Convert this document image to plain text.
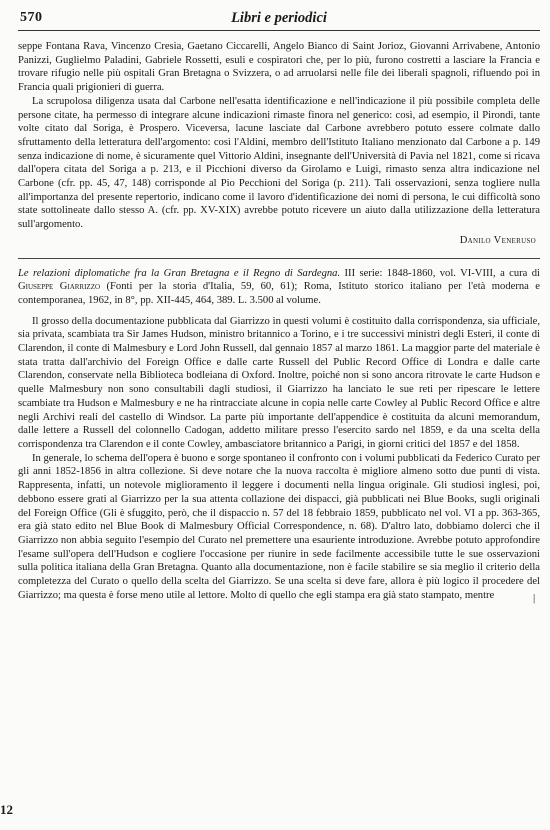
570	Libri e periodici

seppe Fontana Rava, Vincenzo Cresia, Gaetano Ciccarelli, Angelo Bianco di Saint Jorioz, Giovanni Arrivabene, Antonio Panizzi, Guglielmo Paladini, Gabriele Rossetti, esuli e cospiratori che, per lo più, furono costretti a lasciare la Francia e trovare rifugio nelle più ospitali Gran Bretagna o Svizzera, o ad arruolarsi nelle file dei liberali spagnoli, rifluendo poi in Francia quali prigionieri di guerra.

La scrupolosa diligenza usata dal Carbone nell'esatta identificazione e nell'indicazione il più possibile completa delle persone citate, ha permesso di integrare alcune indicazioni rimaste finora nel generico: così, ad esempio, il Pirondi, tante volte citato dal Soriga, è Prospero. Viceversa, lacune lasciate dal Carbone avrebbero potuto essere colmate dallo sfruttamento della letteratura dell'argomento: così l'Aldini, membro dell'Istituto Italiano menzionato dal Carbone a p. 149 senza indicazione di nome, è sicuramente quel Vittorio Aldini, insegnante dell'Università di Pavia nel 1821, come si ricava dall'opera citata del Soriga a p. 213, e il Picchioni diverso da Girolamo e Luigi, rimasto senza altra indicazione nel Carbone (cfr. pp. 45, 47, 148) corrisponde al Pio Pecchioni del Soriga (p. 211). Tali osservazioni, senza togliere nulla all'importanza del presente repertorio, indicano come il lavoro d'identificazione dei nomi di persona, le cui difficoltà sono state sottolineate dallo stesso A. (cfr. pp. XV-XIX) avrebbe potuto ricevere un aiuto dalla utilizzazione della letteratura sull'argomento.

Danilo Veneruso
Le relazioni diplomatiche fra la Gran Bretagna e il Regno di Sardegna. III serie: 1848-1860, vol. VI-VIII, a cura di Giuseppe Giarrizzo (Fonti per la storia d'Italia, 59, 60, 61); Roma, Istituto storico italiano per l'età moderna e contemporanea, 1962, in 8°, pp. XII-445, 464, 389. L. 3.500 al volume.

Il grosso della documentazione pubblicata dal Giarrizzo in questi volumi è costituito dalla corrispondenza, sia ufficiale, sia privata, scambiata tra Sir James Hudson, ministro britannico a Torino, e i tre successivi ministri degli Esteri, il conte di Clarendon, il conte di Malmesbury e Lord John Russell, dal gennaio 1857 al marzo 1861. La maggior parte del materiale è stata tratta dall'archivio del Foreign Office e dalle carte Russell del Public Record Office di Londra e dalle carte Clarendon, conservate nella Biblioteca bodleiana di Oxford. Inoltre, poiché non si sono ancora ritrovate le carte Hudson e quelle Malmesbury non sono consultabili dagli studiosi, il Giarrizzo ha lanciato le sue reti per ripescare le lettere scambiate tra Hudson e Malmesbury e ne ha rintracciate alcune in copia nelle carte Cowley al Public Record Office e altre negli Archivi reali del castello di Windsor. La parte più importante dell'appendice è costituita da alcuni memorandum, dalle lettere a Russell del colonnello Cadogan, addetto militare presso l'esercito sardo nel 1859, e da una scelta della corrispondenza tra Clarendon e il conte Cowley, ambasciatore britannico a Parigi, in giorni critici del 1857 e del 1858.

In generale, lo schema dell'opera è buono e sorge spontaneo il confronto con i volumi pubblicati da Federico Curato per gli anni 1852-1856 in altra collezione. Si deve notare che la nuova raccolta è migliore almeno sotto due punti di vista. Rappresenta, infatti, un notevole miglioramento il leggere i documenti nella lingua originale. Gli studiosi inglesi, poi, debbono essere grati al Giarrizzo per la sua attenta collazione dei dispacci, già pubblicati nei Blue Books, sugli originali del Foreign Office (Gli è sfuggito, però, che il dispaccio n. 57 del 18 febbraio 1859, pubblicato nel vol. VI a pp. 363-365, era già stato edito nel Blue Book di Malmesbury Official Correspondence, n. 68). D'altro lato, dobbiamo dolerci che il Giarrizzo non abbia seguito l'esempio del Curato nel premettere una esauriente introduzione. Avrebbe potuto approfondire l'esame sull'opera dell'Hudson e cogliere l'occasione per riunire in sede facilmente accessibile tutte le sue osservazioni sulla politica italiana della Gran Bretagna. Quanto alla documentazione, non è facile stabilire se sia meglio il criterio della completezza del Curato o quello della scelta del Giarrizzo. Se una scelta si deve fare, allora è più logico il procedere del Giarrizzo; ma questa è forse meno utile al lettore. Molto di quello che egli stampa era già stato stampato, mentre

12
|
